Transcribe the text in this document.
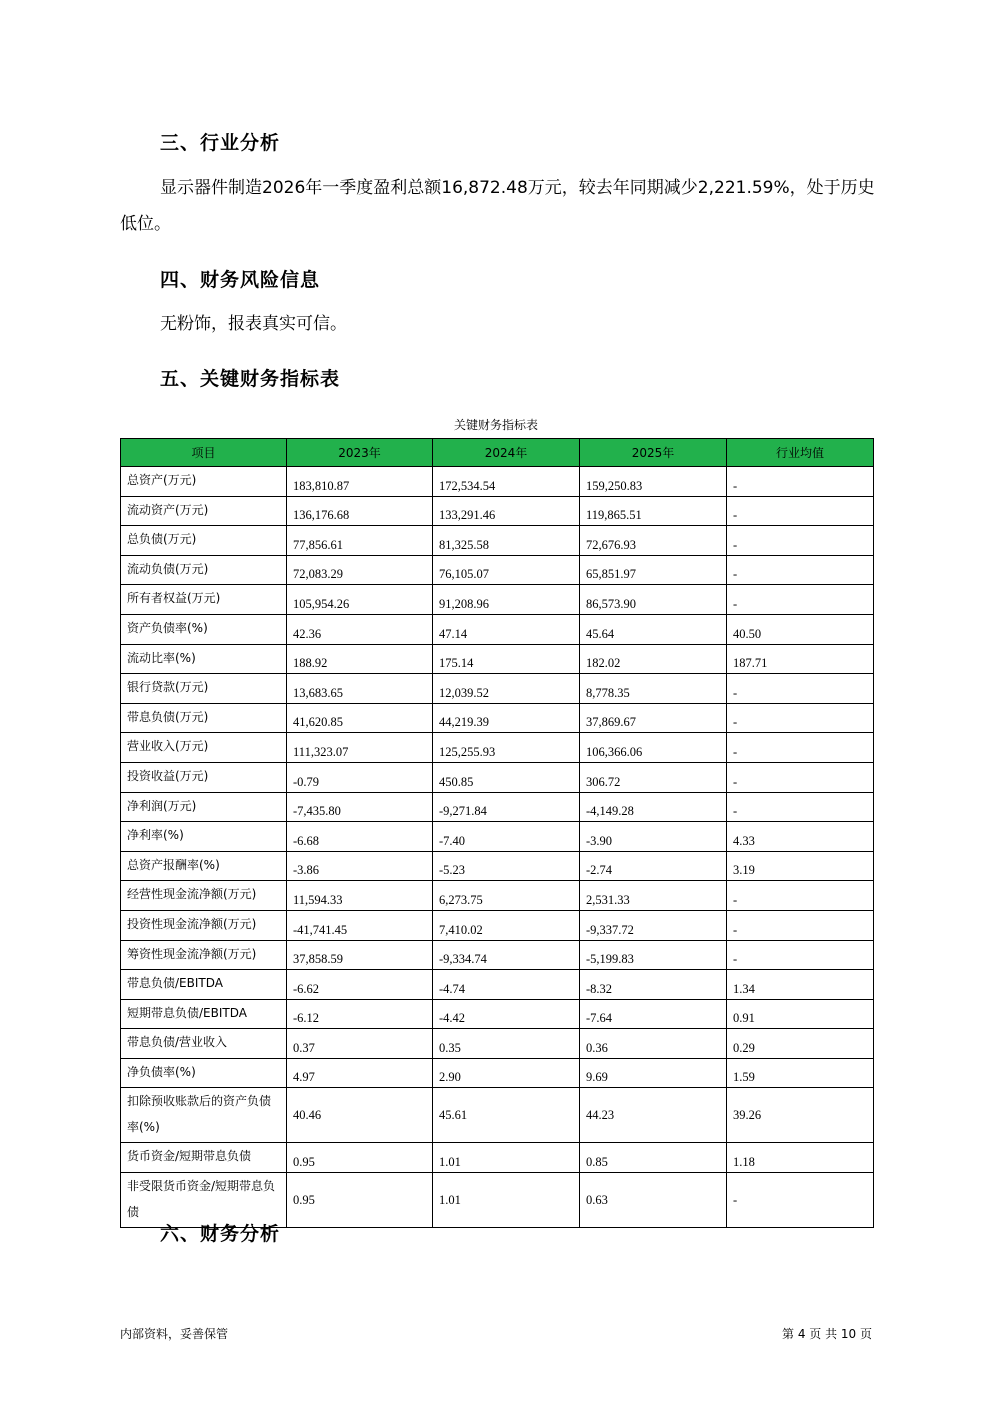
三、行业分析
显示器件制造2026年一季度盈利总额16,872.48万元，较去年同期减少2,221.59%，处于历史
低位。
四、财务风险信息
无粉饰，报表真实可信。
五、关键财务指标表
关键财务指标表
项目	2023年	2024年	2025年	行业均值
总资产(万元)	183,810.87	172,534.54	159,250.83	-
流动资产(万元)	136,176.68	133,291.46	119,865.51	-
总负债(万元)	77,856.61	81,325.58	72,676.93	-
流动负债(万元)	72,083.29	76,105.07	65,851.97	-
所有者权益(万元)	105,954.26	91,208.96	86,573.90	-
资产负债率(%)	42.36	47.14	45.64	40.50
流动比率(%)	188.92	175.14	182.02	187.71
银行贷款(万元)	13,683.65	12,039.52	8,778.35	-
带息负债(万元)	41,620.85	44,219.39	37,869.67	-
营业收入(万元)	111,323.07	125,255.93	106,366.06	-
投资收益(万元)	-0.79	450.85	306.72	-
净利润(万元)	-7,435.80	-9,271.84	-4,149.28	-
净利率(%)	-6.68	-7.40	-3.90	4.33
总资产报酬率(%)	-3.86	-5.23	-2.74	3.19
经营性现金流净额(万元)	11,594.33	6,273.75	2,531.33	-
投资性现金流净额(万元)	-41,741.45	7,410.02	-9,337.72	-
筹资性现金流净额(万元)	37,858.59	-9,334.74	-5,199.83	-
带息负债/EBITDA	-6.62	-4.74	-8.32	1.34
短期带息负债/EBITDA	-6.12	-4.42	-7.64	0.91
带息负债/营业收入	0.37	0.35	0.36	0.29
净负债率(%)	4.97	2.90	9.69	1.59
扣除预收账款后的资产负债率(%)	40.46	45.61	44.23	39.26
货币资金/短期带息负债	0.95	1.01	0.85	1.18
非受限货币资金/短期带息负债	0.95	1.01	0.63	-
六、财务分析
内部资料，妥善保管	第 4 页 共 10 页
